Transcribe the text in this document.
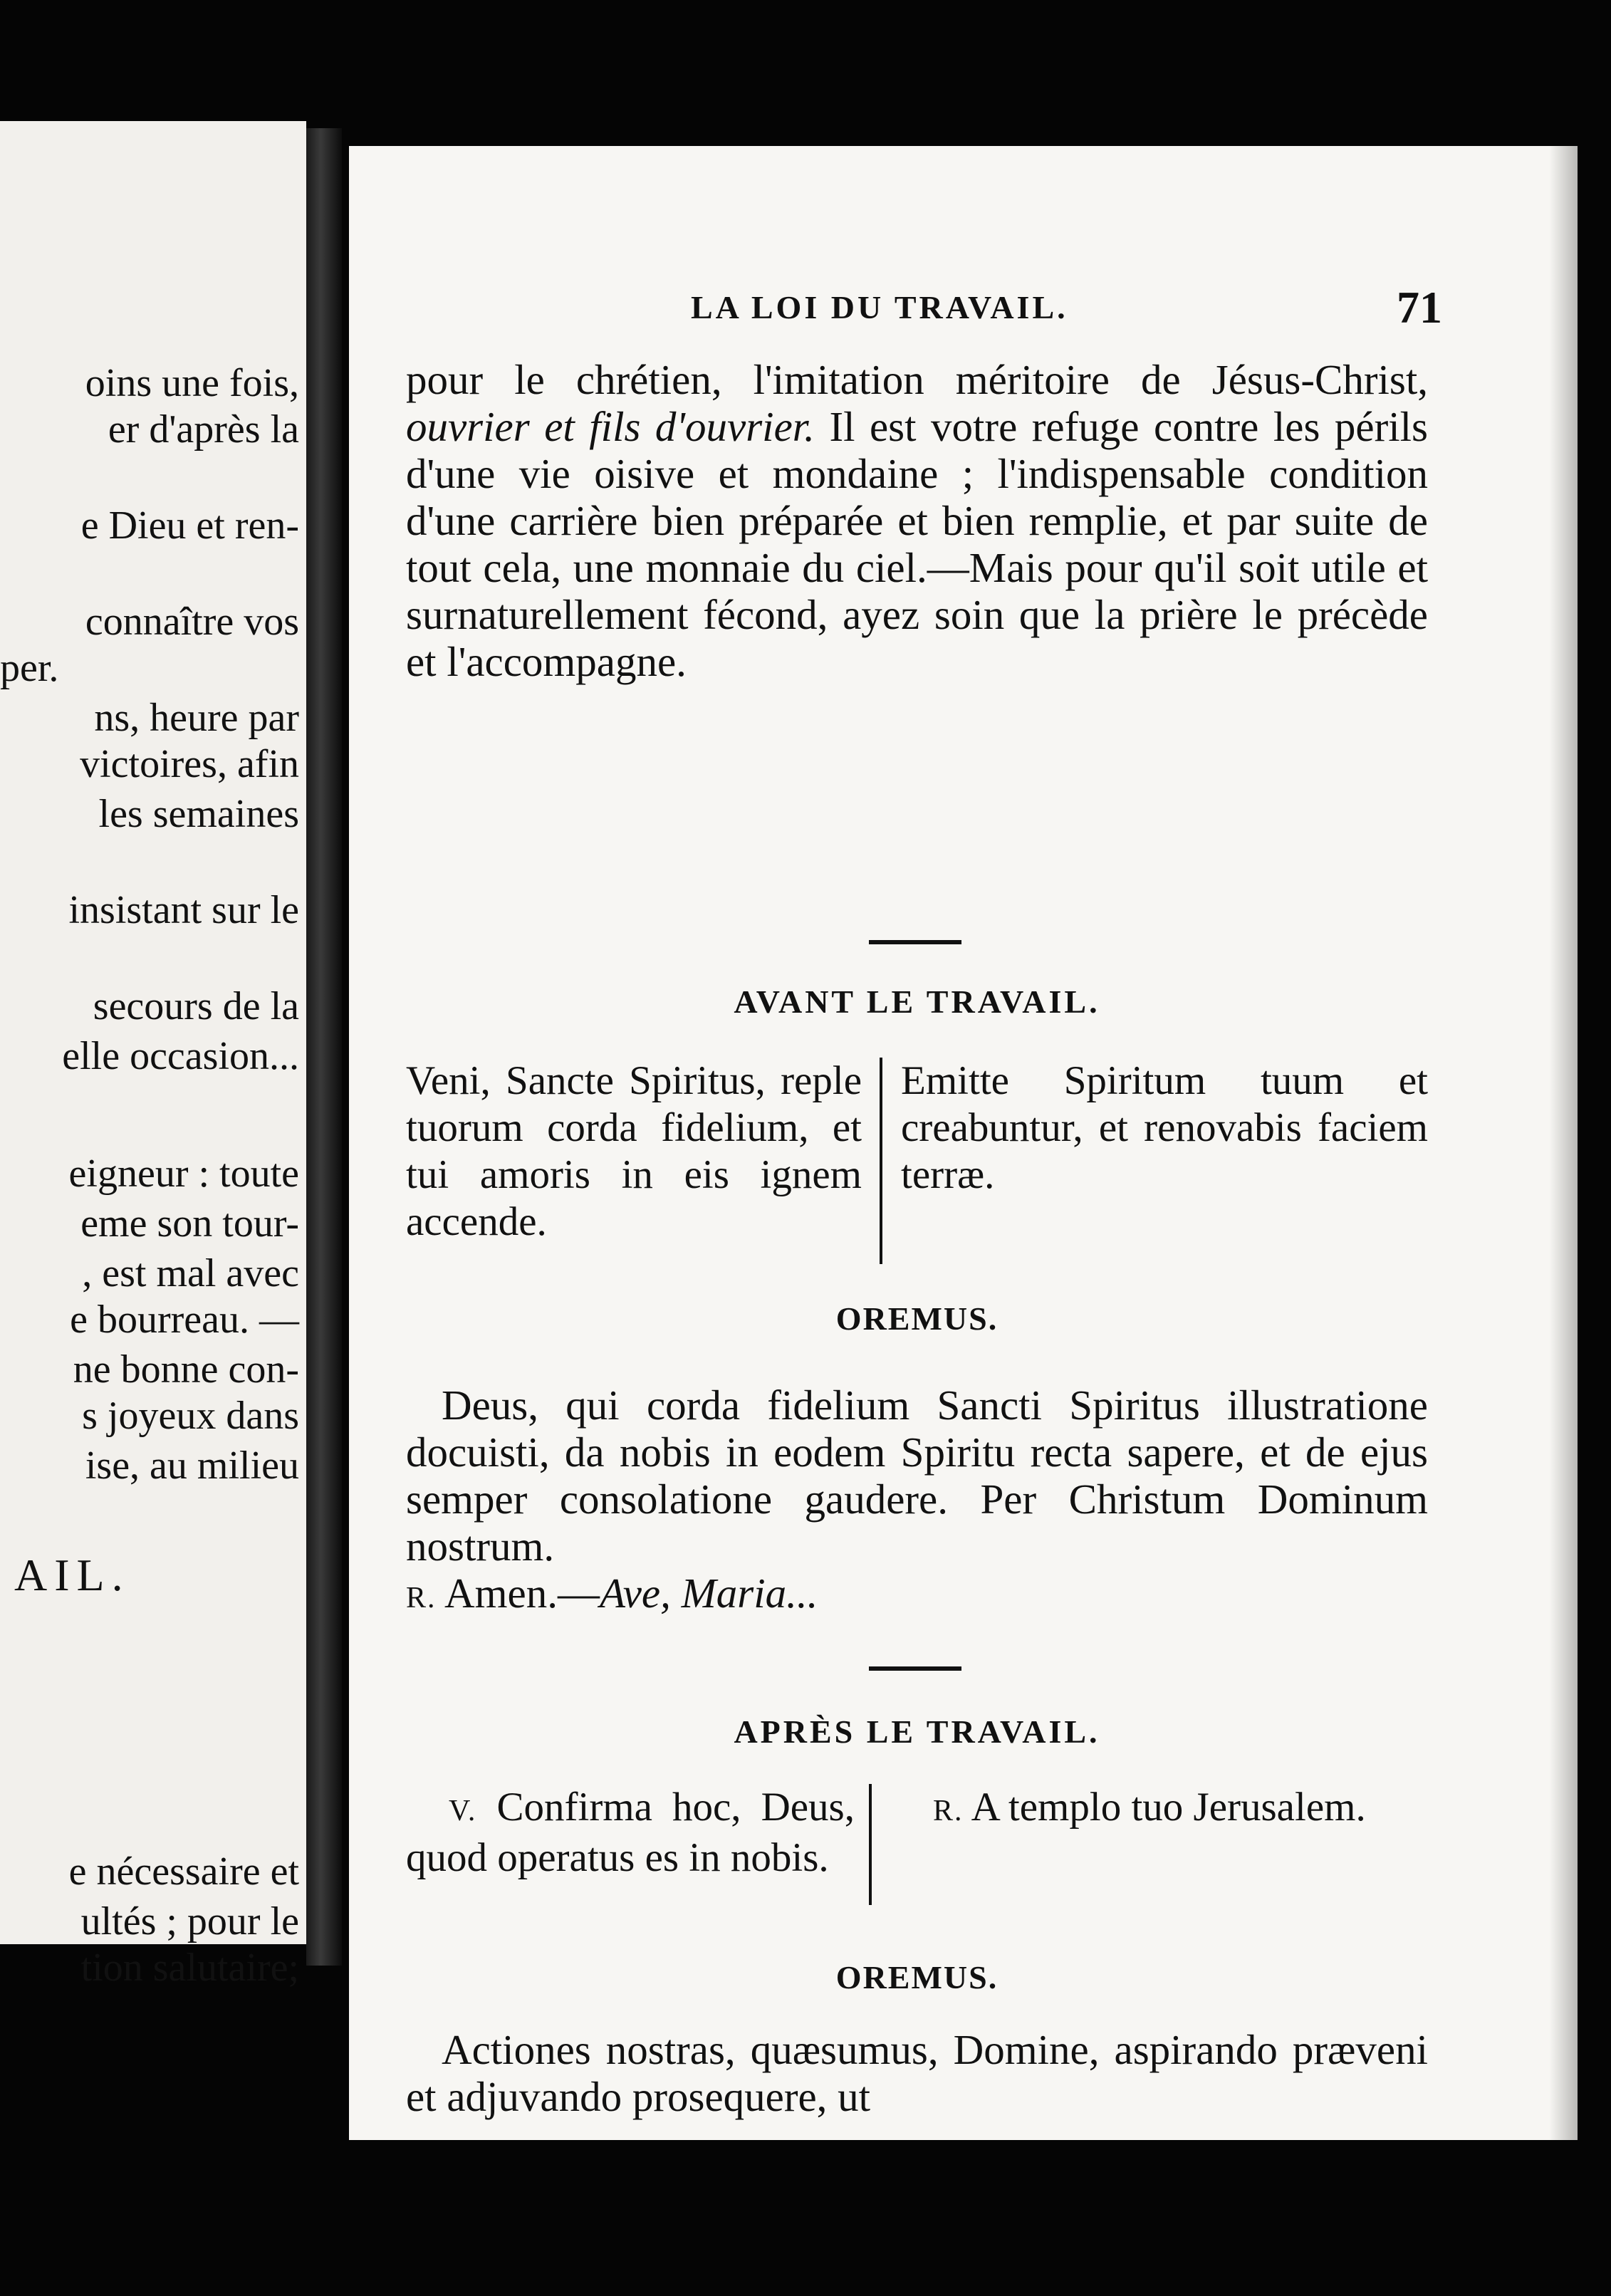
oins une fois,
er d'après la
e Dieu et ren-
connaître vos
per.
ns, heure par
victoires, afin
les semaines
insistant sur le
secours de la
elle occasion...
eigneur : toute
eme son tour-
, est mal avec
e bourreau. —
ne bonne con-
s joyeux dans
ise, au milieu
AIL.
e nécessaire et
ultés ; pour le
tion salutaire;
LA LOI DU TRAVAIL.	71
pour le chrétien, l'imitation méritoire de Jésus-Christ, ouvrier et fils d'ouvrier. Il est votre refuge contre les périls d'une vie oisive et mondaine ; l'indispensable condition d'une carrière bien préparée et bien remplie, et par suite de tout cela, une monnaie du ciel.—Mais pour qu'il soit utile et surnaturellement fécond, ayez soin que la prière le précède et l'accompagne.
AVANT LE TRAVAIL.
Veni, Sancte Spiritus, reple tuorum corda fidelium, et tui amoris in eis ignem accende.
Emitte Spiritum tuum et creabuntur, et renovabis faciem terræ.
OREMUS.
Deus, qui corda fidelium Sancti Spiritus illustratione docuisti, da nobis in eodem Spiritu recta sapere, et de ejus semper consolatione gaudere. Per Christum Dominum nostrum.
R. Amen.—Ave, Maria...
APRÈS LE TRAVAIL.
V. Confirma hoc, Deus, quod operatus es in nobis.
R. A templo tuo Jerusalem.
OREMUS.
Actiones nostras, quæsumus, Domine, aspirando præveni et adjuvando prosequere, ut
